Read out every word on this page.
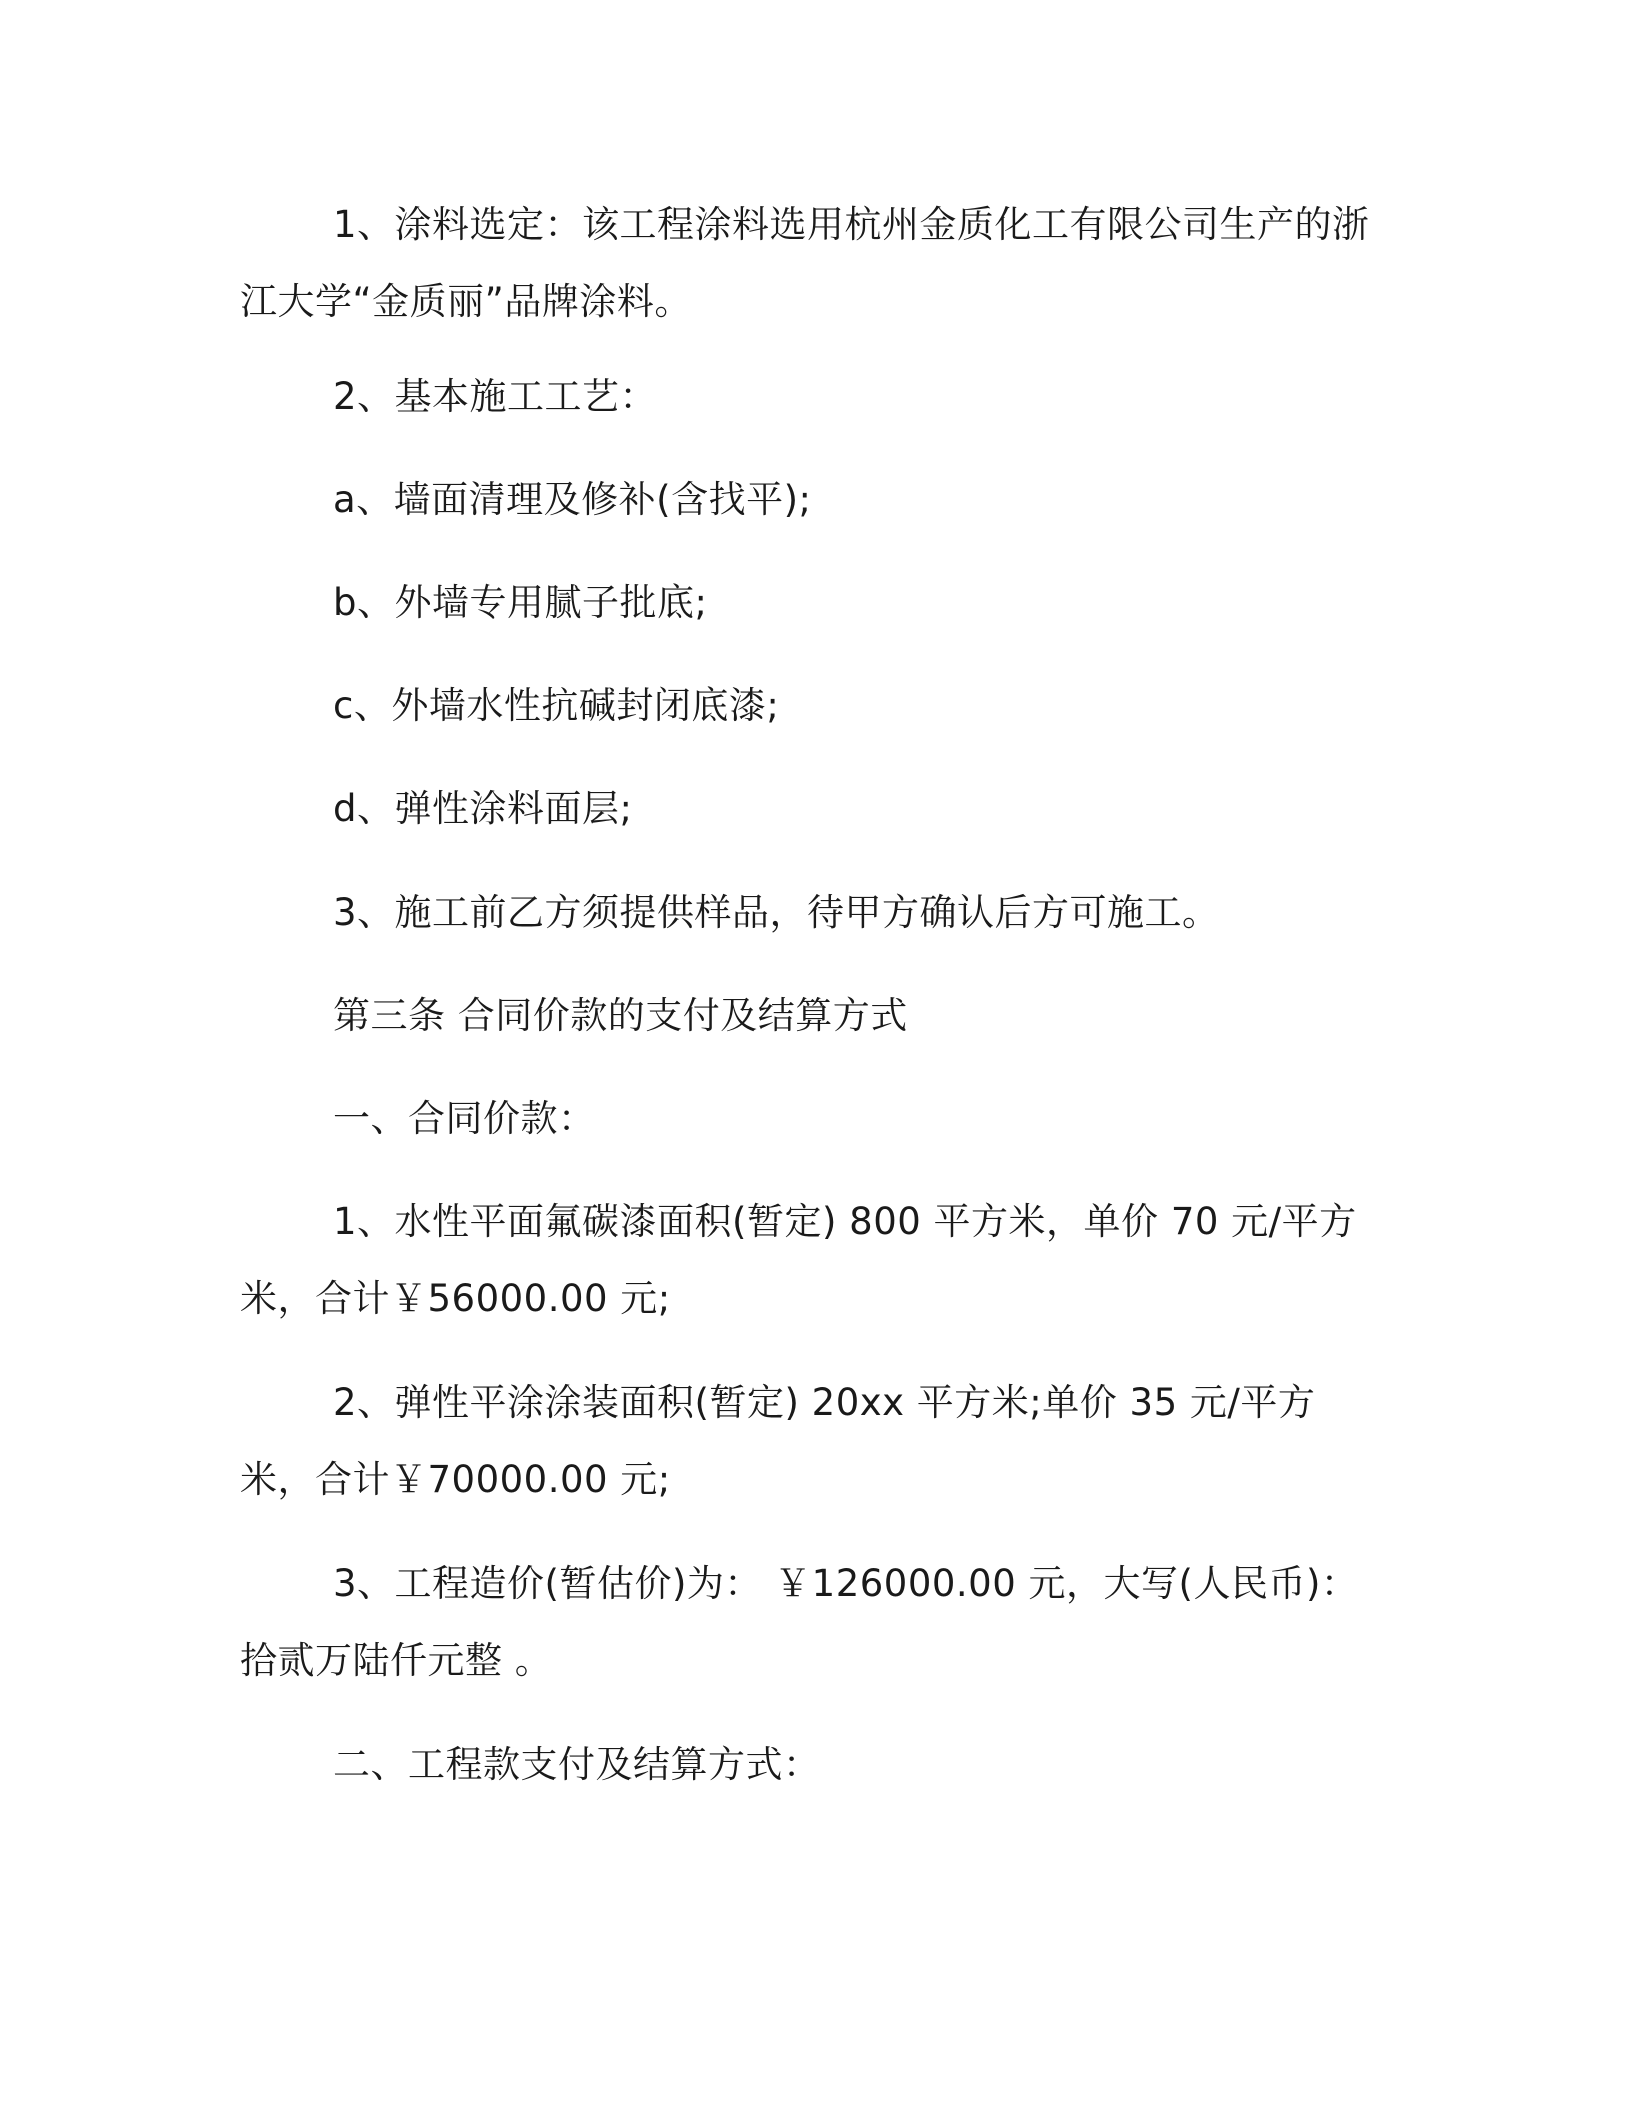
1、涂料选定：该工程涂料选用杭州金质化工有限公司生产的浙江大学“金质丽”品牌涂料。

2、基本施工工艺：

a、墙面清理及修补(含找平);

b、外墙专用腻子批底;

c、外墙水性抗碱封闭底漆;

d、弹性涂料面层;

3、施工前乙方须提供样品，待甲方确认后方可施工。

第三条 合同价款的支付及结算方式

一、合同价款：

1、水性平面氟碳漆面积(暂定) 800 平方米，单价 70 元/平方米，合计￥56000.00 元;

2、弹性平涂涂装面积(暂定) 20xx 平方米;单价 35 元/平方米，合计￥70000.00 元;

3、工程造价(暂估价)为： ￥126000.00 元，大写(人民币)：拾贰万陆仟元整 。

二、工程款支付及结算方式：
